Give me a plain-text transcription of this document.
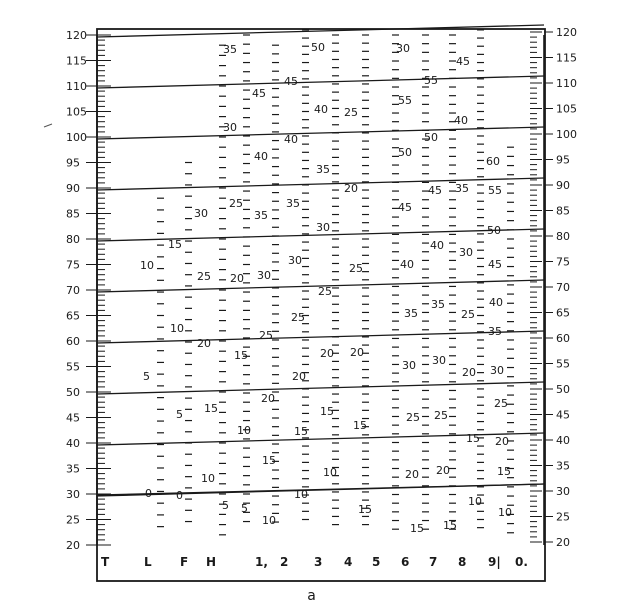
120
115
110
105
100
95
90
85
80
75
70
65
60
55
50
45
40
35
30
25
20
120
115
110
105
100
95
90
85
80
75
70
65
60
55
50
45
40
35
30
25
20
10
5
0
15
10
5
0
30
25
20
15
10
5
35
30
25
20
15
10
5
45
40
35
30
25
20
15
10
50
45
40
35
30
25
20
15
10
40
35
30
25
20
15
10
25
20
25
20
15
15
30
55
50
45
40
35
30
25
20
15
55
50
45
40
35
30
25
20
15
45
40
35
30
25
20
15
10
60
55
50
45
40
35
30
25
20
15
10
T	L F H	1, 2 3 4 5 6 7 8 9| 0.
a
